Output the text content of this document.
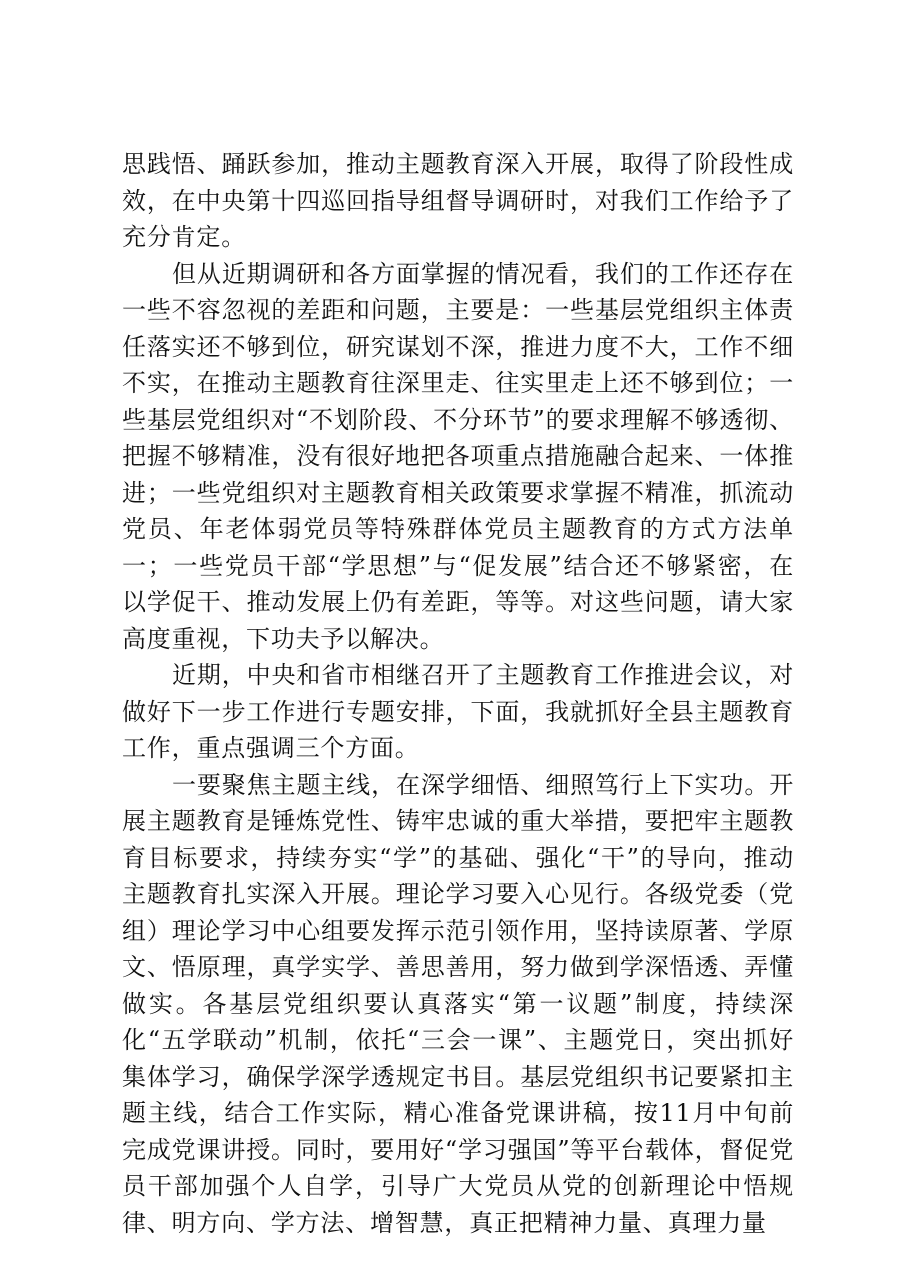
思践悟、踊跃参加，推动主题教育深入开展，取得了阶段性成效，在中央第十四巡回指导组督导调研时，对我们工作给予了充分肯定。

但从近期调研和各方面掌握的情况看，我们的工作还存在一些不容忽视的差距和问题，主要是：一些基层党组织主体责任落实还不够到位，研究谋划不深，推进力度不大，工作不细不实，在推动主题教育往深里走、往实里走上还不够到位；一些基层党组织对“不划阶段、不分环节”的要求理解不够透彻、把握不够精准，没有很好地把各项重点措施融合起来、一体推进；一些党组织对主题教育相关政策要求掌握不精准，抓流动党员、年老体弱党员等特殊群体党员主题教育的方式方法单一；一些党员干部“学思想”与“促发展”结合还不够紧密，在以学促干、推动发展上仍有差距，等等。对这些问题，请大家高度重视，下功夫予以解决。

近期，中央和省市相继召开了主题教育工作推进会议，对做好下一步工作进行专题安排，下面，我就抓好全县主题教育工作，重点强调三个方面。

一要聚焦主题主线，在深学细悟、细照笃行上下实功。开展主题教育是锤炼党性、铸牢忠诚的重大举措，要把牢主题教育目标要求，持续夯实“学”的基础、强化“干”的导向，推动主题教育扎实深入开展。理论学习要入心见行。各级党委（党组）理论学习中心组要发挥示范引领作用，坚持读原著、学原文、悟原理，真学实学、善思善用，努力做到学深悟透、弄懂做实。各基层党组织要认真落实“第一议题”制度，持续深化“五学联动”机制，依托“三会一课”、主题党日，突出抓好集体学习，确保学深学透规定书目。基层党组织书记要紧扣主题主线，结合工作实际，精心准备党课讲稿，按11月中旬前完成党课讲授。同时，要用好“学习强国”等平台载体，督促党员干部加强个人自学，引导广大党员从党的创新理论中悟规律、明方向、学方法、增智慧，真正把精神力量、真理力量
